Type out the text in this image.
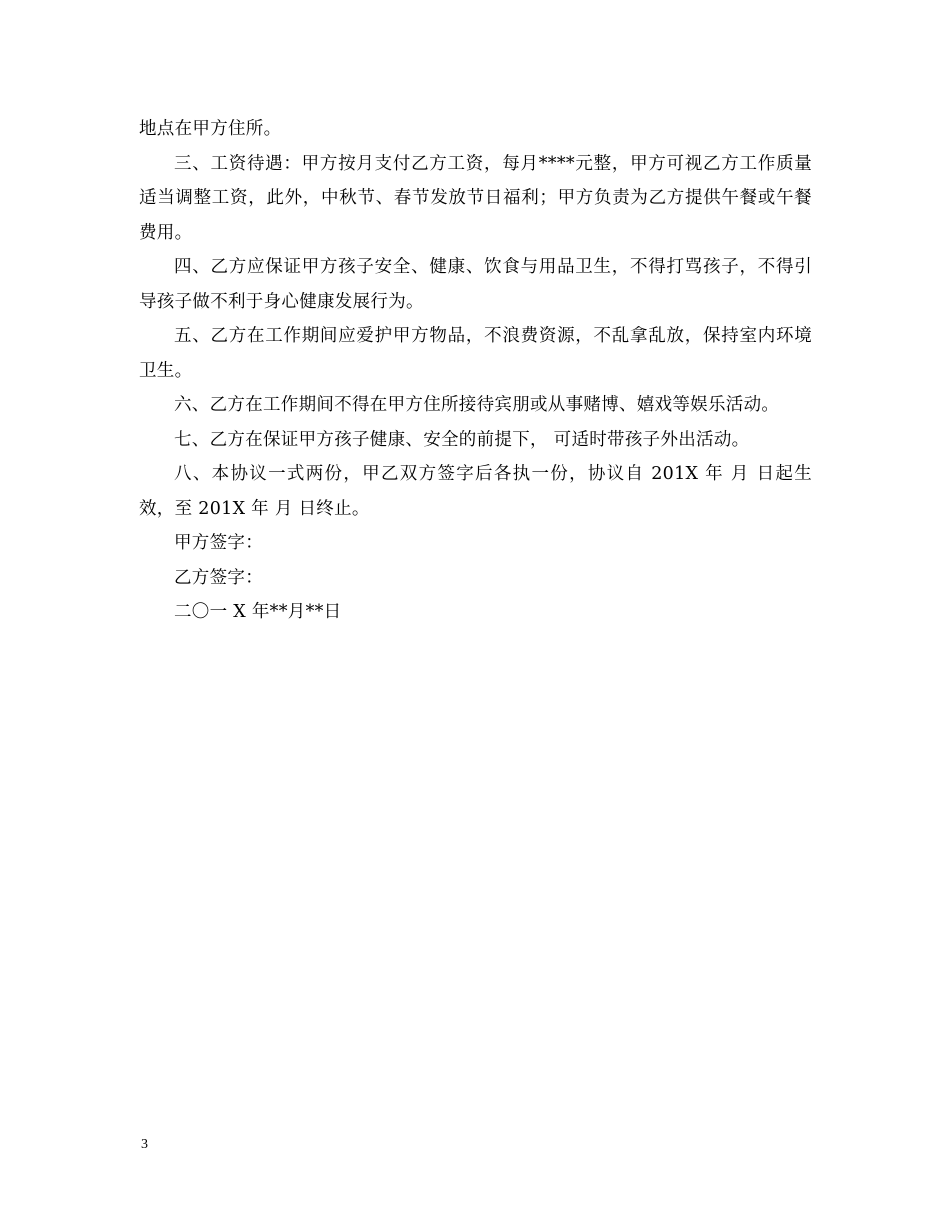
地点在甲方住所。

三、工资待遇：甲方按月支付乙方工资，每月****元整，甲方可视乙方工作质量适当调整工资，此外，中秋节、春节发放节日福利；甲方负责为乙方提供午餐或午餐费用。

四、乙方应保证甲方孩子安全、健康、饮食与用品卫生，不得打骂孩子，不得引导孩子做不利于身心健康发展行为。

五、乙方在工作期间应爱护甲方物品，不浪费资源，不乱拿乱放，保持室内环境卫生。

六、乙方在工作期间不得在甲方住所接待宾朋或从事赌博、嬉戏等娱乐活动。

七、乙方在保证甲方孩子健康、安全的前提下， 可适时带孩子外出活动。

八、本协议一式两份，甲乙双方签字后各执一份，协议自 201X 年 月 日起生效，至 201X 年 月 日终止。

甲方签字：

乙方签字：

二〇一 X 年**月**日

3
